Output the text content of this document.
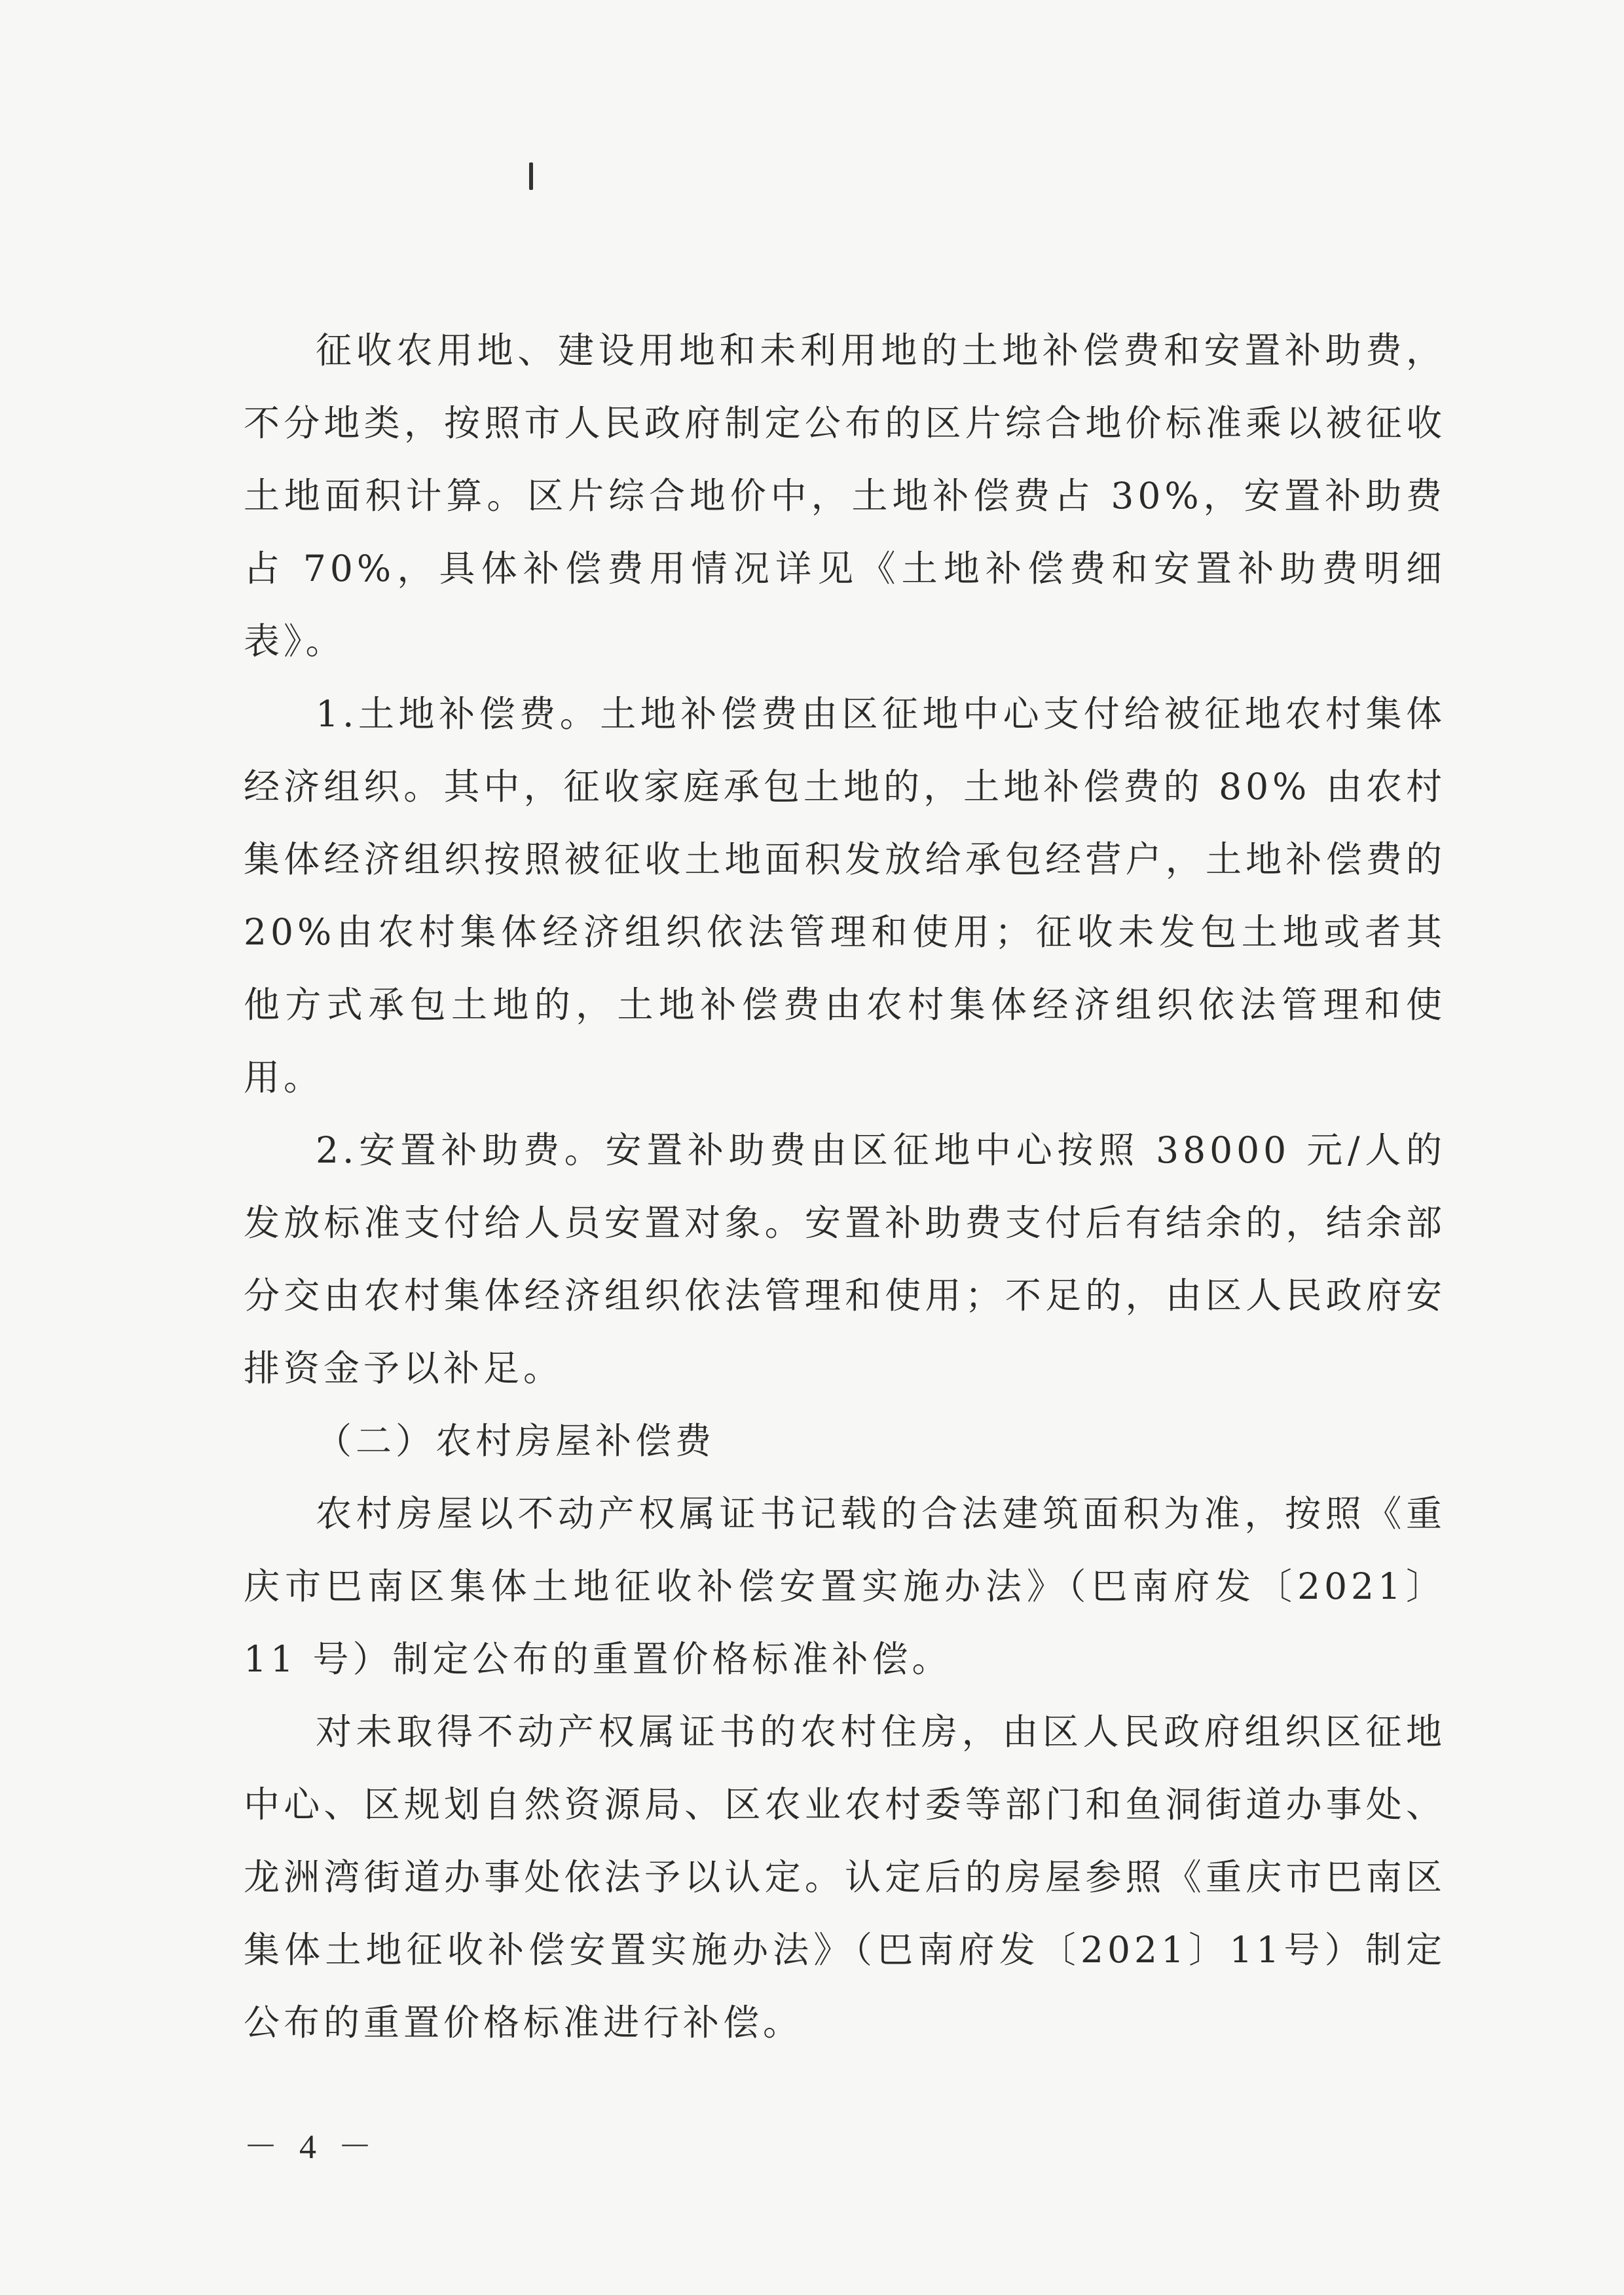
征收农用地、建设用地和未利用地的土地补偿费和安置补助费，不分地类，按照市人民政府制定公布的区片综合地价标准乘以被征收土地面积计算。区片综合地价中，土地补偿费占 30%，安置补助费占 70%，具体补偿费用情况详见《土地补偿费和安置补助费明细表》。

1.土地补偿费。土地补偿费由区征地中心支付给被征地农村集体经济组织。其中，征收家庭承包土地的，土地补偿费的 80% 由农村集体经济组织按照被征收土地面积发放给承包经营户，土地补偿费的 20%由农村集体经济组织依法管理和使用；征收未发包土地或者其他方式承包土地的，土地补偿费由农村集体经济组织依法管理和使用。

2.安置补助费。安置补助费由区征地中心按照 38000 元/人的发放标准支付给人员安置对象。安置补助费支付后有结余的，结余部分交由农村集体经济组织依法管理和使用；不足的，由区人民政府安排资金予以补足。

（二）农村房屋补偿费

农村房屋以不动产权属证书记载的合法建筑面积为准，按照《重庆市巴南区集体土地征收补偿安置实施办法》（巴南府发〔2021〕11 号）制定公布的重置价格标准补偿。

对未取得不动产权属证书的农村住房，由区人民政府组织区征地中心、区规划自然资源局、区农业农村委等部门和鱼洞街道办事处、龙洲湾街道办事处依法予以认定。认定后的房屋参照《重庆市巴南区集体土地征收补偿安置实施办法》（巴南府发〔2021〕11号）制定公布的重置价格标准进行补偿。

－ 4 －
